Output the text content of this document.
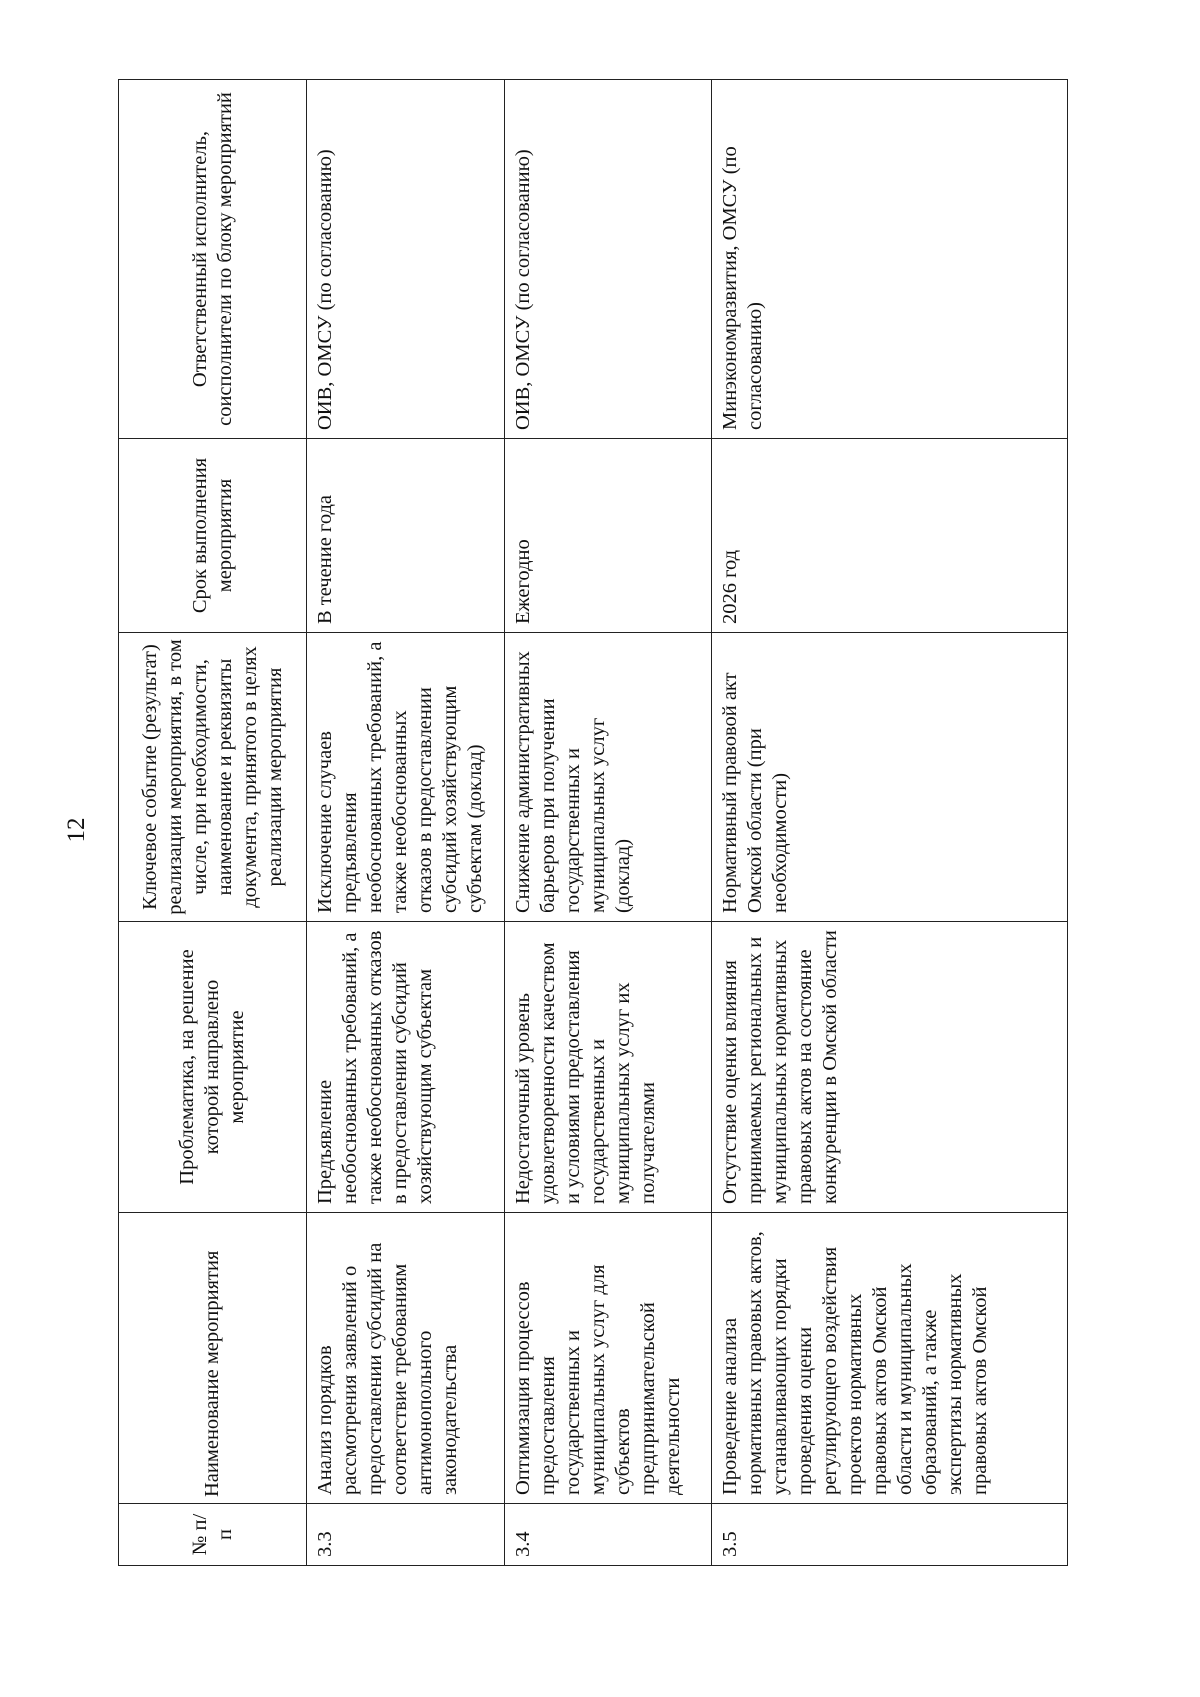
12
№ п/п	Наименование мероприятия	Проблематика, на решение которой направлено мероприятие	Ключевое событие (результат) реализации мероприятия, в том числе, при необходимости, наименование и реквизиты документа, принятого в целях реализации мероприятия	Срок выполнения мероприятия	Ответственный исполнитель, соисполнители по блоку мероприятий
3.3	Анализ порядков рассмотрения заявлений о предоставлении субсидий на соответствие требованиям антимонопольного законодательства	Предъявление необоснованных требований, а также необоснованных отказов в предоставлении субсидий хозяйствующим субъектам	Исключение случаев предъявления необоснованных требований, а также необоснованных отказов в предоставлении субсидий хозяйствующим субъектам (доклад)	В течение года	ОИВ, ОМСУ (по согласованию)
3.4	Оптимизация процессов предоставления государственных и муниципальных услуг для субъектов предпринимательской деятельности	Недостаточный уровень удовлетворенности качеством и условиями предоставления государственных и муниципальных услуг их получателями	Снижение административных барьеров при получении государственных и муниципальных услуг (доклад)	Ежегодно	ОИВ, ОМСУ (по согласованию)
3.5	Проведение анализа нормативных правовых актов, устанавливающих порядки проведения оценки регулирующего воздействия проектов нормативных правовых актов Омской области и муниципальных образований, а также экспертизы нормативных правовых актов Омской	Отсутствие оценки влияния принимаемых региональных и муниципальных нормативных правовых актов на состояние конкуренции в Омской области	Нормативный правовой акт Омской области (при необходимости)	2026 год	Минэкономразвития, ОМСУ (по согласованию)
